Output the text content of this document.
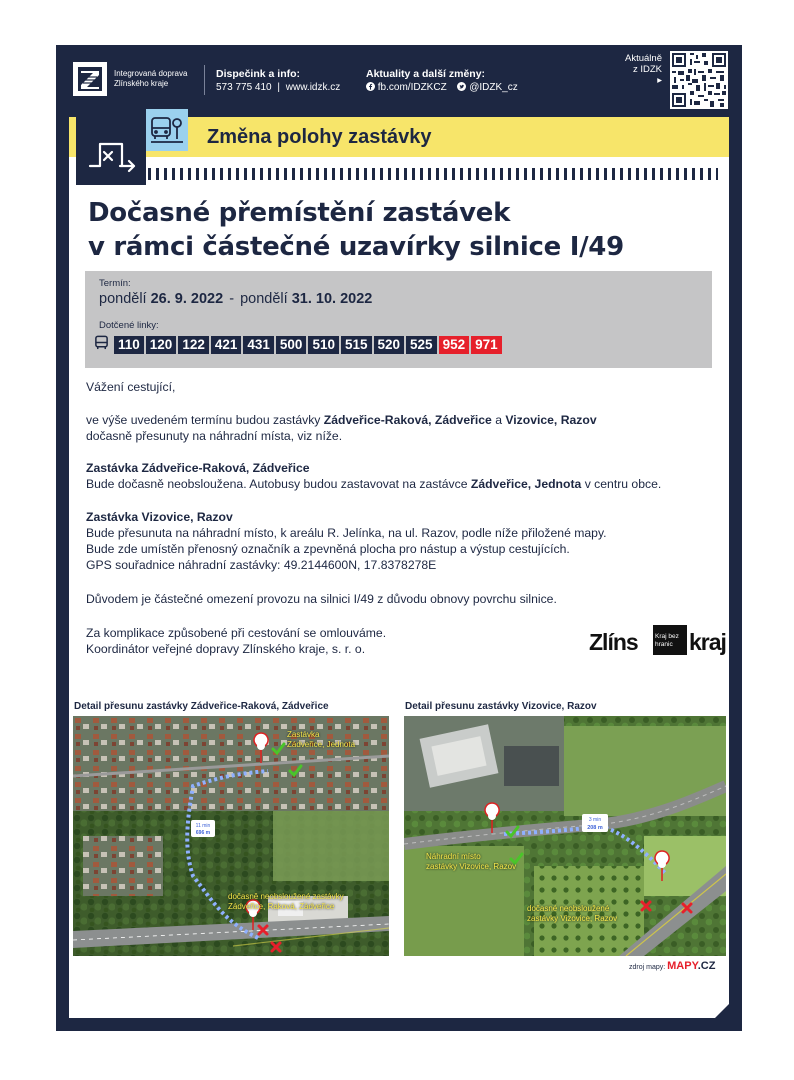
Integrovaná doprava
Zlínského kraje
Dispečink a info:
573 775 410 | www.idzk.cz
Aktuality a další změny:
fb.com/IDZKCZ @IDZK_cz
Aktuálně
z IDZK
▸
Změna polohy zastávky
Dočasné přemístění zastávek
v rámci částečné uzavírky silnice I/49
Termín:
pondělí 26. 9. 2022 - pondělí 31. 10. 2022
Dotčené linky:
110 120 122 421 431 500 510 515 520 525 952 971
Vážení cestující,
ve výše uvedeném termínu budou zastávky Zádveřice-Raková, Zádveřice a Vizovice, Razov
dočasně přesunuty na náhradní místa, viz níže.
Zastávka Zádveřice-Raková, Zádveřice
Bude dočasně neobsloužena. Autobusy budou zastavovat na zastávce Zádveřice, Jednota v centru obce.
Zastávka Vizovice, Razov
Bude přesunuta na náhradní místo, k areálu R. Jelínka, na ul. Razov, podle níže přiložené mapy.
Bude zde umístěn přenosný označník a zpevněná plocha pro nástup a výstup cestujících.
GPS souřadnice náhradní zastávky: 49.2144600N, 17.8378278E
Důvodem je částečné omezení provozu na silnici I/49 z důvodu obnovy povrchu silnice.
Za komplikace způsobené při cestování se omlouváme.
Koordinátor veřejné dopravy Zlínského kraje, s. r. o.	Zlíns	Kraj bez
hranic kraj
Detail přesunu zastávky Zádveřice-Raková, Zádveřice	Detail přesunu zastávky Vizovice, Razov
11 min
696 m
Zastávka
Zádveřice, Jednota
dočasně neobsloužené zastávky
Zádveřice, Raková, Zádveřice
3 min
208 m
Náhradní místo
zastávky Vizovice, Razov
dočasné neobsloužené
zastávky Vizovice, Razov
zdroj mapy: MAPY.CZ
